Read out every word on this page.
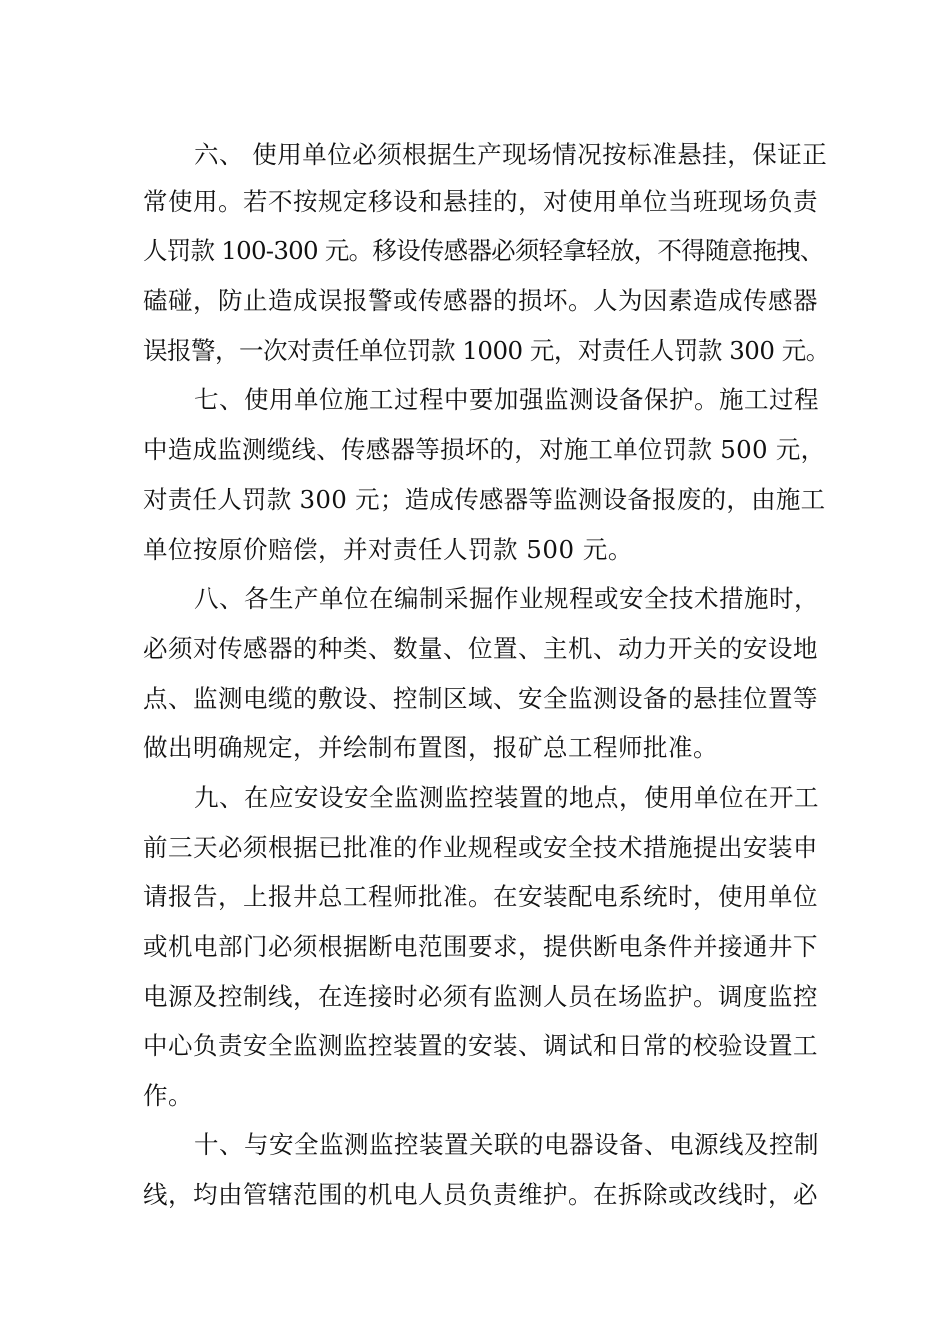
六、 使用单位必须根据生产现场情况按标准悬挂，保证正
常使用。若不按规定移设和悬挂的，对使用单位当班现场负责
人罚款 100-300 元。移设传感器必须轻拿轻放，不得随意拖拽、
磕碰，防止造成误报警或传感器的损坏。人为因素造成传感器
误报警，一次对责任单位罚款 1000 元，对责任人罚款 300 元。
七、使用单位施工过程中要加强监测设备保护。施工过程
中造成监测缆线、传感器等损坏的，对施工单位罚款 500 元，
对责任人罚款 300 元；造成传感器等监测设备报废的，由施工
单位按原价赔偿，并对责任人罚款 500 元。
八、各生产单位在编制采掘作业规程或安全技术措施时，
必须对传感器的种类、数量、位置、主机、动力开关的安设地
点、监测电缆的敷设、控制区域、安全监测设备的悬挂位置等
做出明确规定，并绘制布置图，报矿总工程师批准。
九、在应安设安全监测监控装置的地点，使用单位在开工
前三天必须根据已批准的作业规程或安全技术措施提出安装申
请报告，上报井总工程师批准。在安装配电系统时，使用单位
或机电部门必须根据断电范围要求，提供断电条件并接通井下
电源及控制线，在连接时必须有监测人员在场监护。调度监控
中心负责安全监测监控装置的安装、调试和日常的校验设置工
作。
十、与安全监测监控装置关联的电器设备、电源线及控制
线，均由管辖范围的机电人员负责维护。在拆除或改线时，必
